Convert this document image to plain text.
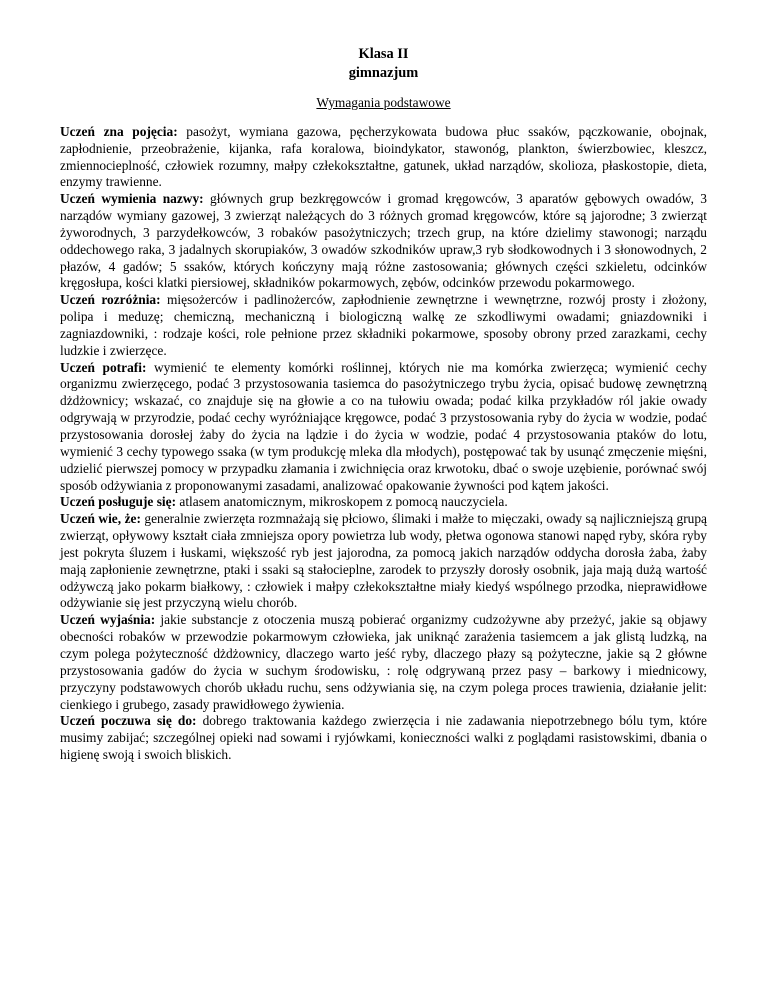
Klasa II
gimnazjum

Wymagania podstawowe

Uczeń zna pojęcia: pasożyt, wymiana gazowa, pęcherzykowata budowa płuc ssaków, pączkowanie, obojnak, zapłodnienie, przeobrażenie, kijanka, rafa koralowa, bioindykator, stawonóg, plankton, świerzbowiec, kleszcz, zmiennocieplność, człowiek rozumny, małpy człekokształtne, gatunek, układ narządów, skolioza, płaskostopie, dieta, enzymy trawienne.

Uczeń wymienia nazwy: głównych grup bezkręgowców i gromad kręgowców, 3 aparatów gębowych owadów, 3 narządów wymiany gazowej, 3 zwierząt należących do 3 różnych gromad kręgowców, które są jajorodne; 3 zwierząt żyworodnych, 3 parzydełkowców, 3 robaków pasożytniczych; trzech grup, na które dzielimy stawonogi; narządu oddechowego raka, 3 jadalnych skorupiaków, 3 owadów szkodników upraw,3 ryb słodkowodnych i 3 słonowodnych, 2 płazów, 4 gadów; 5 ssaków, których kończyny mają różne zastosowania; głównych części szkieletu, odcinków kręgosłupa, kości klatki piersiowej, składników pokarmowych, zębów, odcinków przewodu pokarmowego.

Uczeń rozróżnia: mięsożerców i padlinożerców, zapłodnienie zewnętrzne i wewnętrzne, rozwój prosty i złożony, polipa i meduzę; chemiczną, mechaniczną i biologiczną walkę ze szkodliwymi owadami; gniazdowniki i zagniazdowniki, : rodzaje kości, role pełnione przez składniki pokarmowe, sposoby obrony przed zarazkami, cechy ludzkie i zwierzęce.

Uczeń potrafi: wymienić te elementy komórki roślinnej, których nie ma komórka zwierzęca; wymienić cechy organizmu zwierzęcego, podać 3 przystosowania tasiemca do pasożytniczego trybu życia, opisać budowę zewnętrzną dżdżownicy; wskazać, co znajduje się na głowie a co na tułowiu owada; podać kilka przykładów ról jakie owady odgrywają w przyrodzie, podać cechy wyróżniające kręgowce, podać 3 przystosowania ryby do życia w wodzie, podać przystosowania dorosłej żaby do życia na lądzie i do życia w wodzie, podać 4 przystosowania ptaków do lotu, wymienić 3 cechy typowego ssaka (w tym produkcję mleka dla młodych), postępować tak by usunąć zmęczenie mięśni, udzielić pierwszej pomocy w przypadku złamania i zwichnięcia oraz krwotoku, dbać o swoje uzębienie, porównać swój sposób odżywiania z proponowanymi zasadami, analizować opakowanie żywności pod kątem jakości.

Uczeń posługuje się: atlasem anatomicznym, mikroskopem z pomocą nauczyciela.

Uczeń wie, że: generalnie zwierzęta rozmnażają się płciowo, ślimaki i małże to mięczaki, owady są najliczniejszą grupą zwierząt, opływowy kształt ciała zmniejsza opory powietrza lub wody, płetwa ogonowa stanowi napęd ryby, skóra ryby jest pokryta śluzem i łuskami, większość ryb jest jajorodna, za pomocą jakich narządów oddycha dorosła żaba, żaby mają zapłonienie zewnętrzne, ptaki i ssaki są stałocieplne, zarodek to przyszły dorosły osobnik, jaja mają dużą wartość odżywczą jako pokarm białkowy, : człowiek i małpy człekokształtne miały kiedyś wspólnego przodka, nieprawidłowe odżywianie się jest przyczyną wielu chorób.

Uczeń wyjaśnia: jakie substancje z otoczenia muszą pobierać organizmy cudzożywne aby przeżyć, jakie są objawy obecności robaków w przewodzie pokarmowym człowieka, jak uniknąć zarażenia tasiemcem a jak glistą ludzką, na czym polega pożyteczność dżdżownicy, dlaczego warto jeść ryby, dlaczego płazy są pożyteczne, jakie są 2 główne przystosowania gadów do życia w suchym środowisku, : rolę odgrywaną przez pasy – barkowy i miednicowy, przyczyny podstawowych chorób układu ruchu, sens odżywiania się, na czym polega proces trawienia, działanie jelit: cienkiego i grubego, zasady prawidłowego żywienia.

Uczeń poczuwa się do: dobrego traktowania każdego zwierzęcia i nie zadawania niepotrzebnego bólu tym, które musimy zabijać; szczególnej opieki nad sowami i ryjówkami, konieczności walki z poglądami rasistowskimi, dbania o higienę swoją i swoich bliskich.
